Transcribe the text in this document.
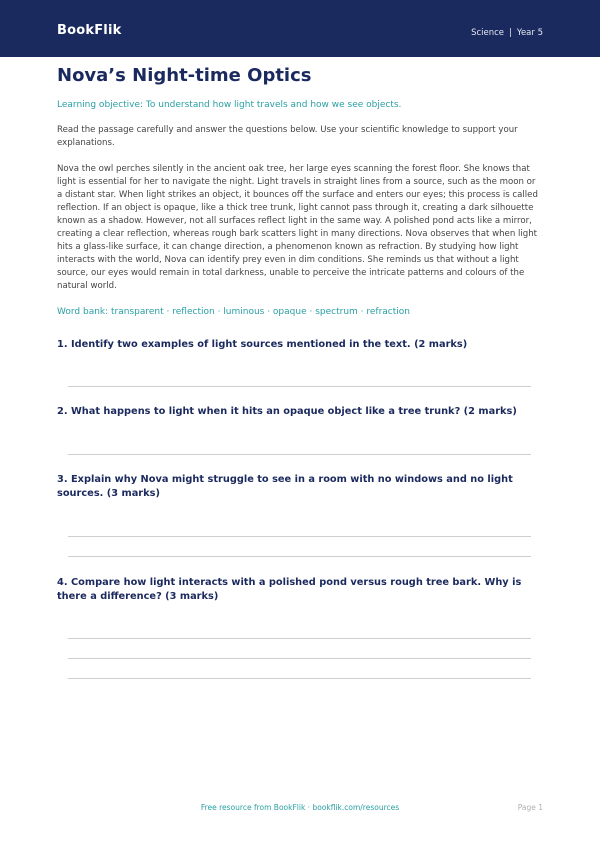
BookFlik	Science | Year 5
Nova’s Night-time Optics
Learning objective: To understand how light travels and how we see objects.

Read the passage carefully and answer the questions below. Use your scientific knowledge to support your explanations.

Nova the owl perches silently in the ancient oak tree, her large eyes scanning the forest floor. She knows that light is essential for her to navigate the night. Light travels in straight lines from a source, such as the moon or a distant star. When light strikes an object, it bounces off the surface and enters our eyes; this process is called reflection. If an object is opaque, like a thick tree trunk, light cannot pass through it, creating a dark silhouette known as a shadow. However, not all surfaces reflect light in the same way. A polished pond acts like a mirror, creating a clear reflection, whereas rough bark scatters light in many directions. Nova observes that when light hits a glass-like surface, it can change direction, a phenomenon known as refraction. By studying how light interacts with the world, Nova can identify prey even in dim conditions. She reminds us that without a light source, our eyes would remain in total darkness, unable to perceive the intricate patterns and colours of the natural world.

Word bank: transparent · reflection · luminous · opaque · spectrum · refraction

1. Identify two examples of light sources mentioned in the text. (2 marks)

2. What happens to light when it hits an opaque object like a tree trunk? (2 marks)

3. Explain why Nova might struggle to see in a room with no windows and no light sources. (3 marks)

4. Compare how light interacts with a polished pond versus rough tree bark. Why is there a difference? (3 marks)

Free resource from BookFlik · bookflik.com/resources	Page 1
